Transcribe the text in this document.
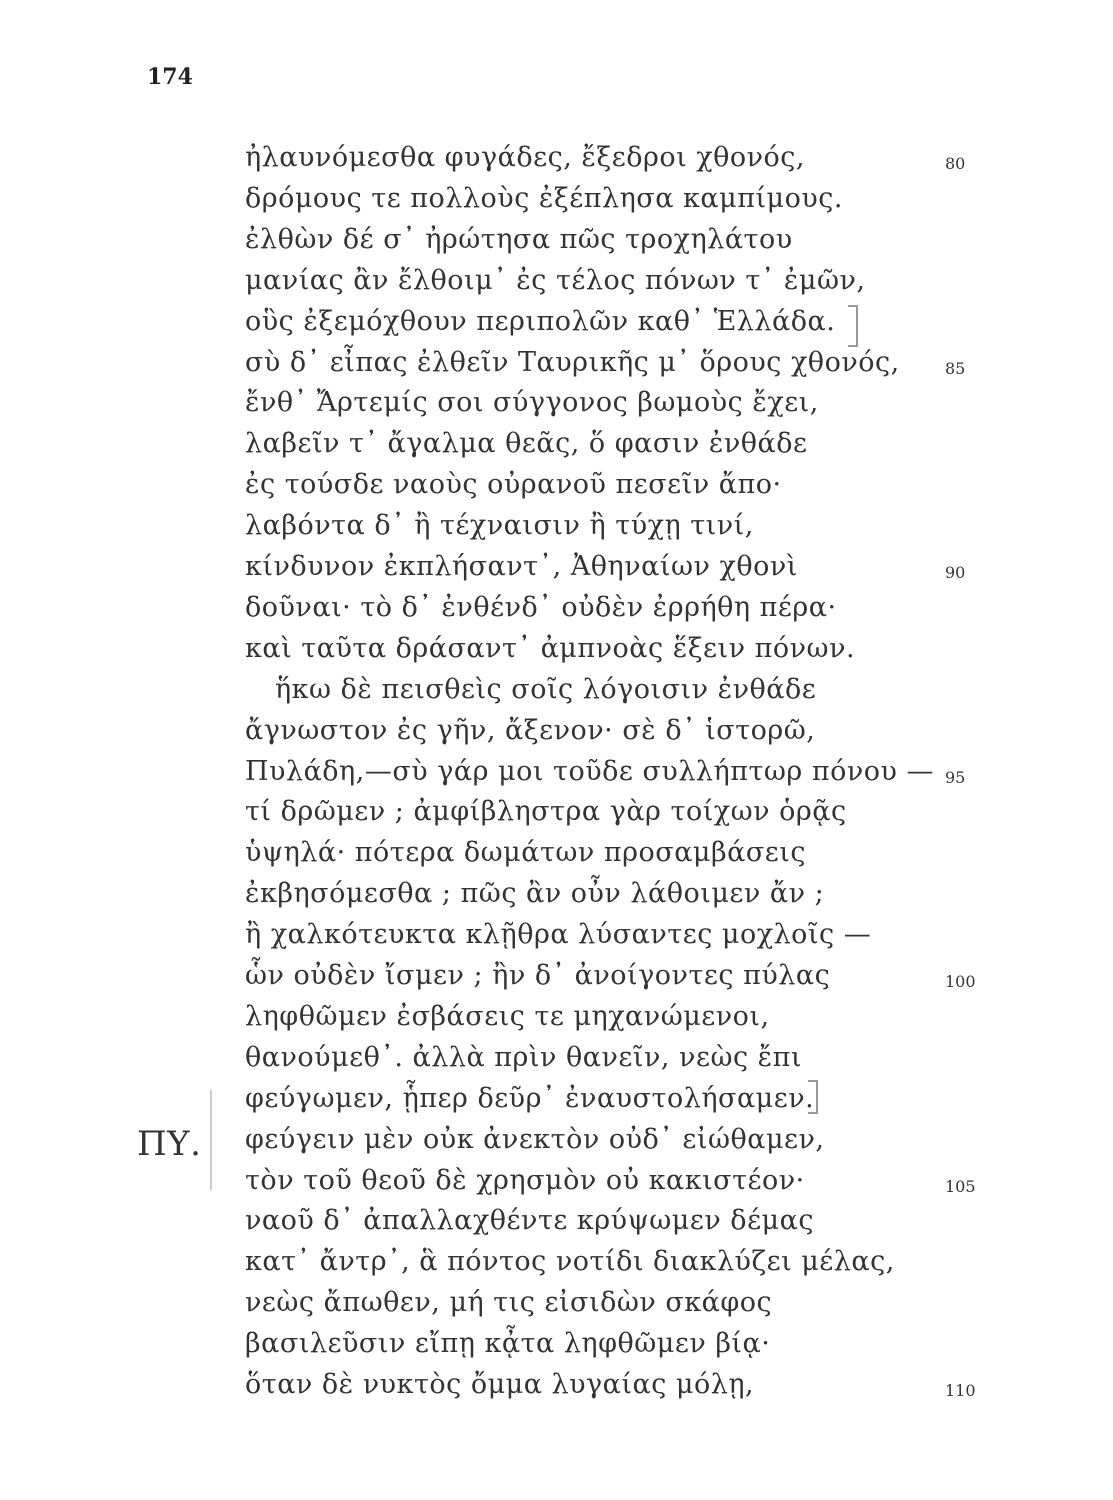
174
ἠλαυνόμεσθα φυγάδες, ἔξεδροι χθονός,	80
δρόμους τε πολλοὺς ἐξέπλησα καμπίμους.
ἐλθὼν δέ σ᾽ ἠρώτησα πῶς τροχηλάτου
μανίας ἂν ἔλθοιμ᾽ ἐς τέλος πόνων τ᾽ ἐμῶν,
οὓς ἐξεμόχθουν περιπολῶν καθ᾽ Ἑλλάδα.
σὺ δ᾽ εἶπας ἐλθεῖν Ταυρικῆς μ᾽ ὅρους χθονός,	85
ἔνθ᾽ Ἄρτεμίς σοι σύγγονος βωμοὺς ἔχει,
λαβεῖν τ᾽ ἄγαλμα θεᾶς, ὅ φασιν ἐνθάδε
ἐς τούσδε ναοὺς οὐρανοῦ πεσεῖν ἄπο·
λαβόντα δ᾽ ἢ τέχναισιν ἢ τύχῃ τινί,
κίνδυνον ἐκπλήσαντ᾽, Ἀθηναίων χθονὶ	90
δοῦναι· τὸ δ᾽ ἐνθένδ᾽ οὐδὲν ἐρρήθη πέρα·
καὶ ταῦτα δράσαντ᾽ ἀμπνοὰς ἕξειν πόνων.
ἥκω δὲ πεισθεὶς σοῖς λόγοισιν ἐνθάδε
ἄγνωστον ἐς γῆν, ἄξενον· σὲ δ᾽ ἱστορῶ,
Πυλάδη,—σὺ γάρ μοι τοῦδε συλλήπτωρ πόνου — 95
τί δρῶμεν ; ἀμφίβληστρα γὰρ τοίχων ὁρᾷς
ὑψηλά· πότερα δωμάτων προσαμβάσεις
ἐκβησόμεσθα ; πῶς ἂν οὖν λάθοιμεν ἄν ;
ἢ χαλκότευκτα κλῇθρα λύσαντες μοχλοῖς —
ὧν οὐδὲν ἴσμεν ; ἢν δ᾽ ἀνοίγοντες πύλας	100
ληφθῶμεν ἐσβάσεις τε μηχανώμενοι,
θανούμεθ᾽. ἀλλὰ πρὶν θανεῖν, νεὼς ἔπι
φεύγωμεν, ᾗπερ δεῦρ᾽ ἐναυστολήσαμεν.
ΠΥ. φεύγειν μὲν οὐκ ἀνεκτὸν οὐδ᾽ εἰώθαμεν,
τὸν τοῦ θεοῦ δὲ χρησμὸν οὐ κακιστέον·	105
ναοῦ δ᾽ ἀπαλλαχθέντε κρύψωμεν δέμας
κατ᾽ ἄντρ᾽, ἃ πόντος νοτίδι διακλύζει μέλας,
νεὼς ἄπωθεν, μή τις εἰσιδὼν σκάφος
βασιλεῦσιν εἴπῃ κᾆτα ληφθῶμεν βίᾳ·
ὅταν δὲ νυκτὸς ὄμμα λυγαίας μόλῃ,	110
